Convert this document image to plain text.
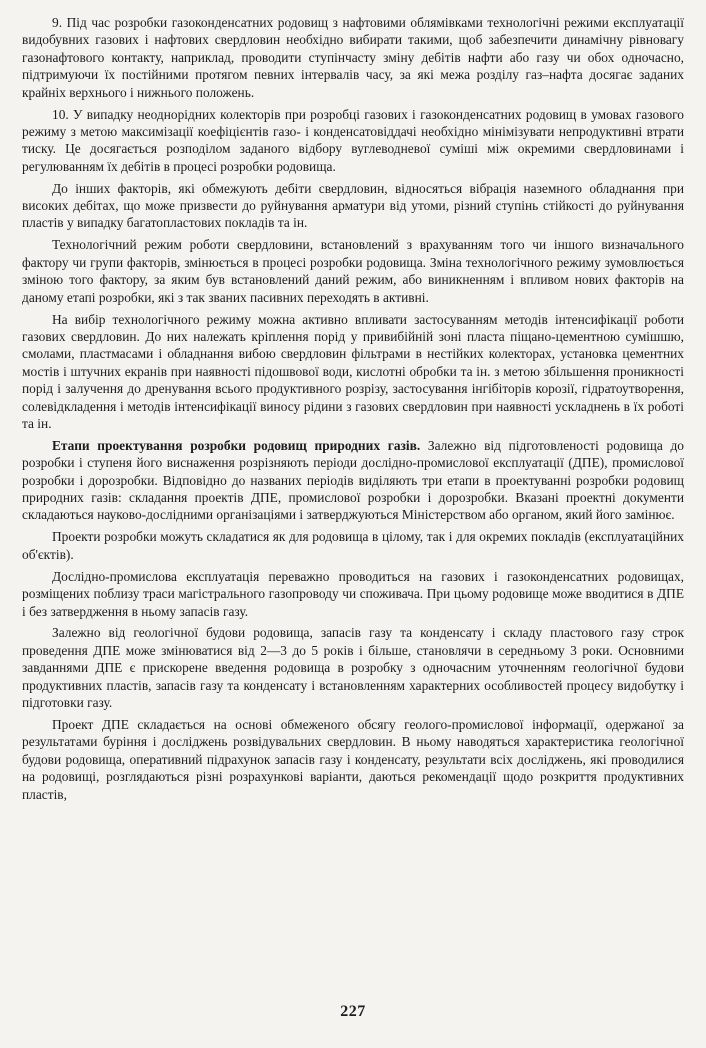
9. Під час розробки газоконденсатних родовищ з нафтовими облямівками технологічні режими експлуатації видобувних газових і нафтових свердловин необхідно вибирати такими, щоб забезпечити динамічну рівновагу газонафтового контакту, наприклад, проводити ступінчасту зміну дебітів нафти або газу чи обох одночасно, підтримуючи їх постійними протягом певних інтервалів часу, за які межа розділу газ–нафта досягає заданих крайніх верхнього і нижнього положень.

10. У випадку неоднорідних колекторів при розробці газових і газоконденсатних родовищ в умовах газового режиму з метою максимізації коефіцієнтів газо- і конденсатовіддачі необхідно мінімізувати непродуктивні втрати тиску. Це досягається розподілом заданого відбору вуглеводневої суміші між окремими свердловинами і регулюванням їх дебітів в процесі розробки родовища.

До інших факторів, які обмежують дебіти свердловин, відносяться вібрація наземного обладнання при високих дебітах, що може призвести до руйнування арматури від утоми, різний ступінь стійкості до руйнування пластів у випадку багатопластових покладів та ін.

Технологічний режим роботи свердловини, встановлений з врахуванням того чи іншого визначального фактору чи групи факторів, змінюється в процесі розробки родовища. Зміна технологічного режиму зумовлюється зміною того фактору, за яким був встановлений даний режим, або виникненням і впливом нових факторів на даному етапі розробки, які з так званих пасивних переходять в активні.

На вибір технологічного режиму можна активно впливати застосуванням методів інтенсифікації роботи газових свердловин. До них належать кріплення порід у привибійній зоні пласта піщано-цементною сумішшю, смолами, пластмасами і обладнання вибою свердловин фільтрами в нестійких колекторах, установка цементних мостів і штучних екранів при наявності підошвової води, кислотні обробки та ін. з метою збільшення проникності порід і залучення до дренування всього продуктивного розрізу, застосування інгібіторів корозії, гідратоутворення, солевідкладення і методів інтенсифікації виносу рідини з газових свердловин при наявності ускладнень в їх роботі та ін.

Етапи проектування розробки родовищ природних газів. Залежно від підготовленості родовища до розробки і ступеня його виснаження розрізняють періоди дослідно-промислової експлуатації (ДПЕ), промислової розробки і дорозробки. Відповідно до названих періодів виділяють три етапи в проектуванні розробки родовищ природних газів: складання проектів ДПЕ, промислової розробки і дорозробки. Вказані проектні документи складаються науково-дослідними організаціями і затверджуються Міністерством або органом, який його замінює.

Проекти розробки можуть складатися як для родовища в цілому, так і для окремих покладів (експлуатаційних об'єктів).

Дослідно-промислова експлуатація переважно проводиться на газових і газоконденсатних родовищах, розміщених поблизу траси магістрального газопроводу чи споживача. При цьому родовище може вводитися в ДПЕ і без затвердження в ньому запасів газу.

Залежно від геологічної будови родовища, запасів газу та конденсату і складу пластового газу строк проведення ДПЕ може змінюватися від 2—3 до 5 років і більше, становлячи в середньому 3 роки. Основними завданнями ДПЕ є прискорене введення родовища в розробку з одночасним уточненням геологічної будови продуктивних пластів, запасів газу та конденсату і встановленням характерних особливостей процесу видобутку і підготовки газу.

Проект ДПЕ складається на основі обмеженого обсягу геолого-промислової інформації, одержаної за результатами буріння і досліджень розвідувальних свердловин. В ньому наводяться характеристика геологічної будови родовища, оперативний підрахунок запасів газу і конденсату, результати всіх досліджень, які проводилися на родовищі, розглядаються різні розрахункові варіанти, даються рекомендації щодо розкриття продуктивних пластів,

227
